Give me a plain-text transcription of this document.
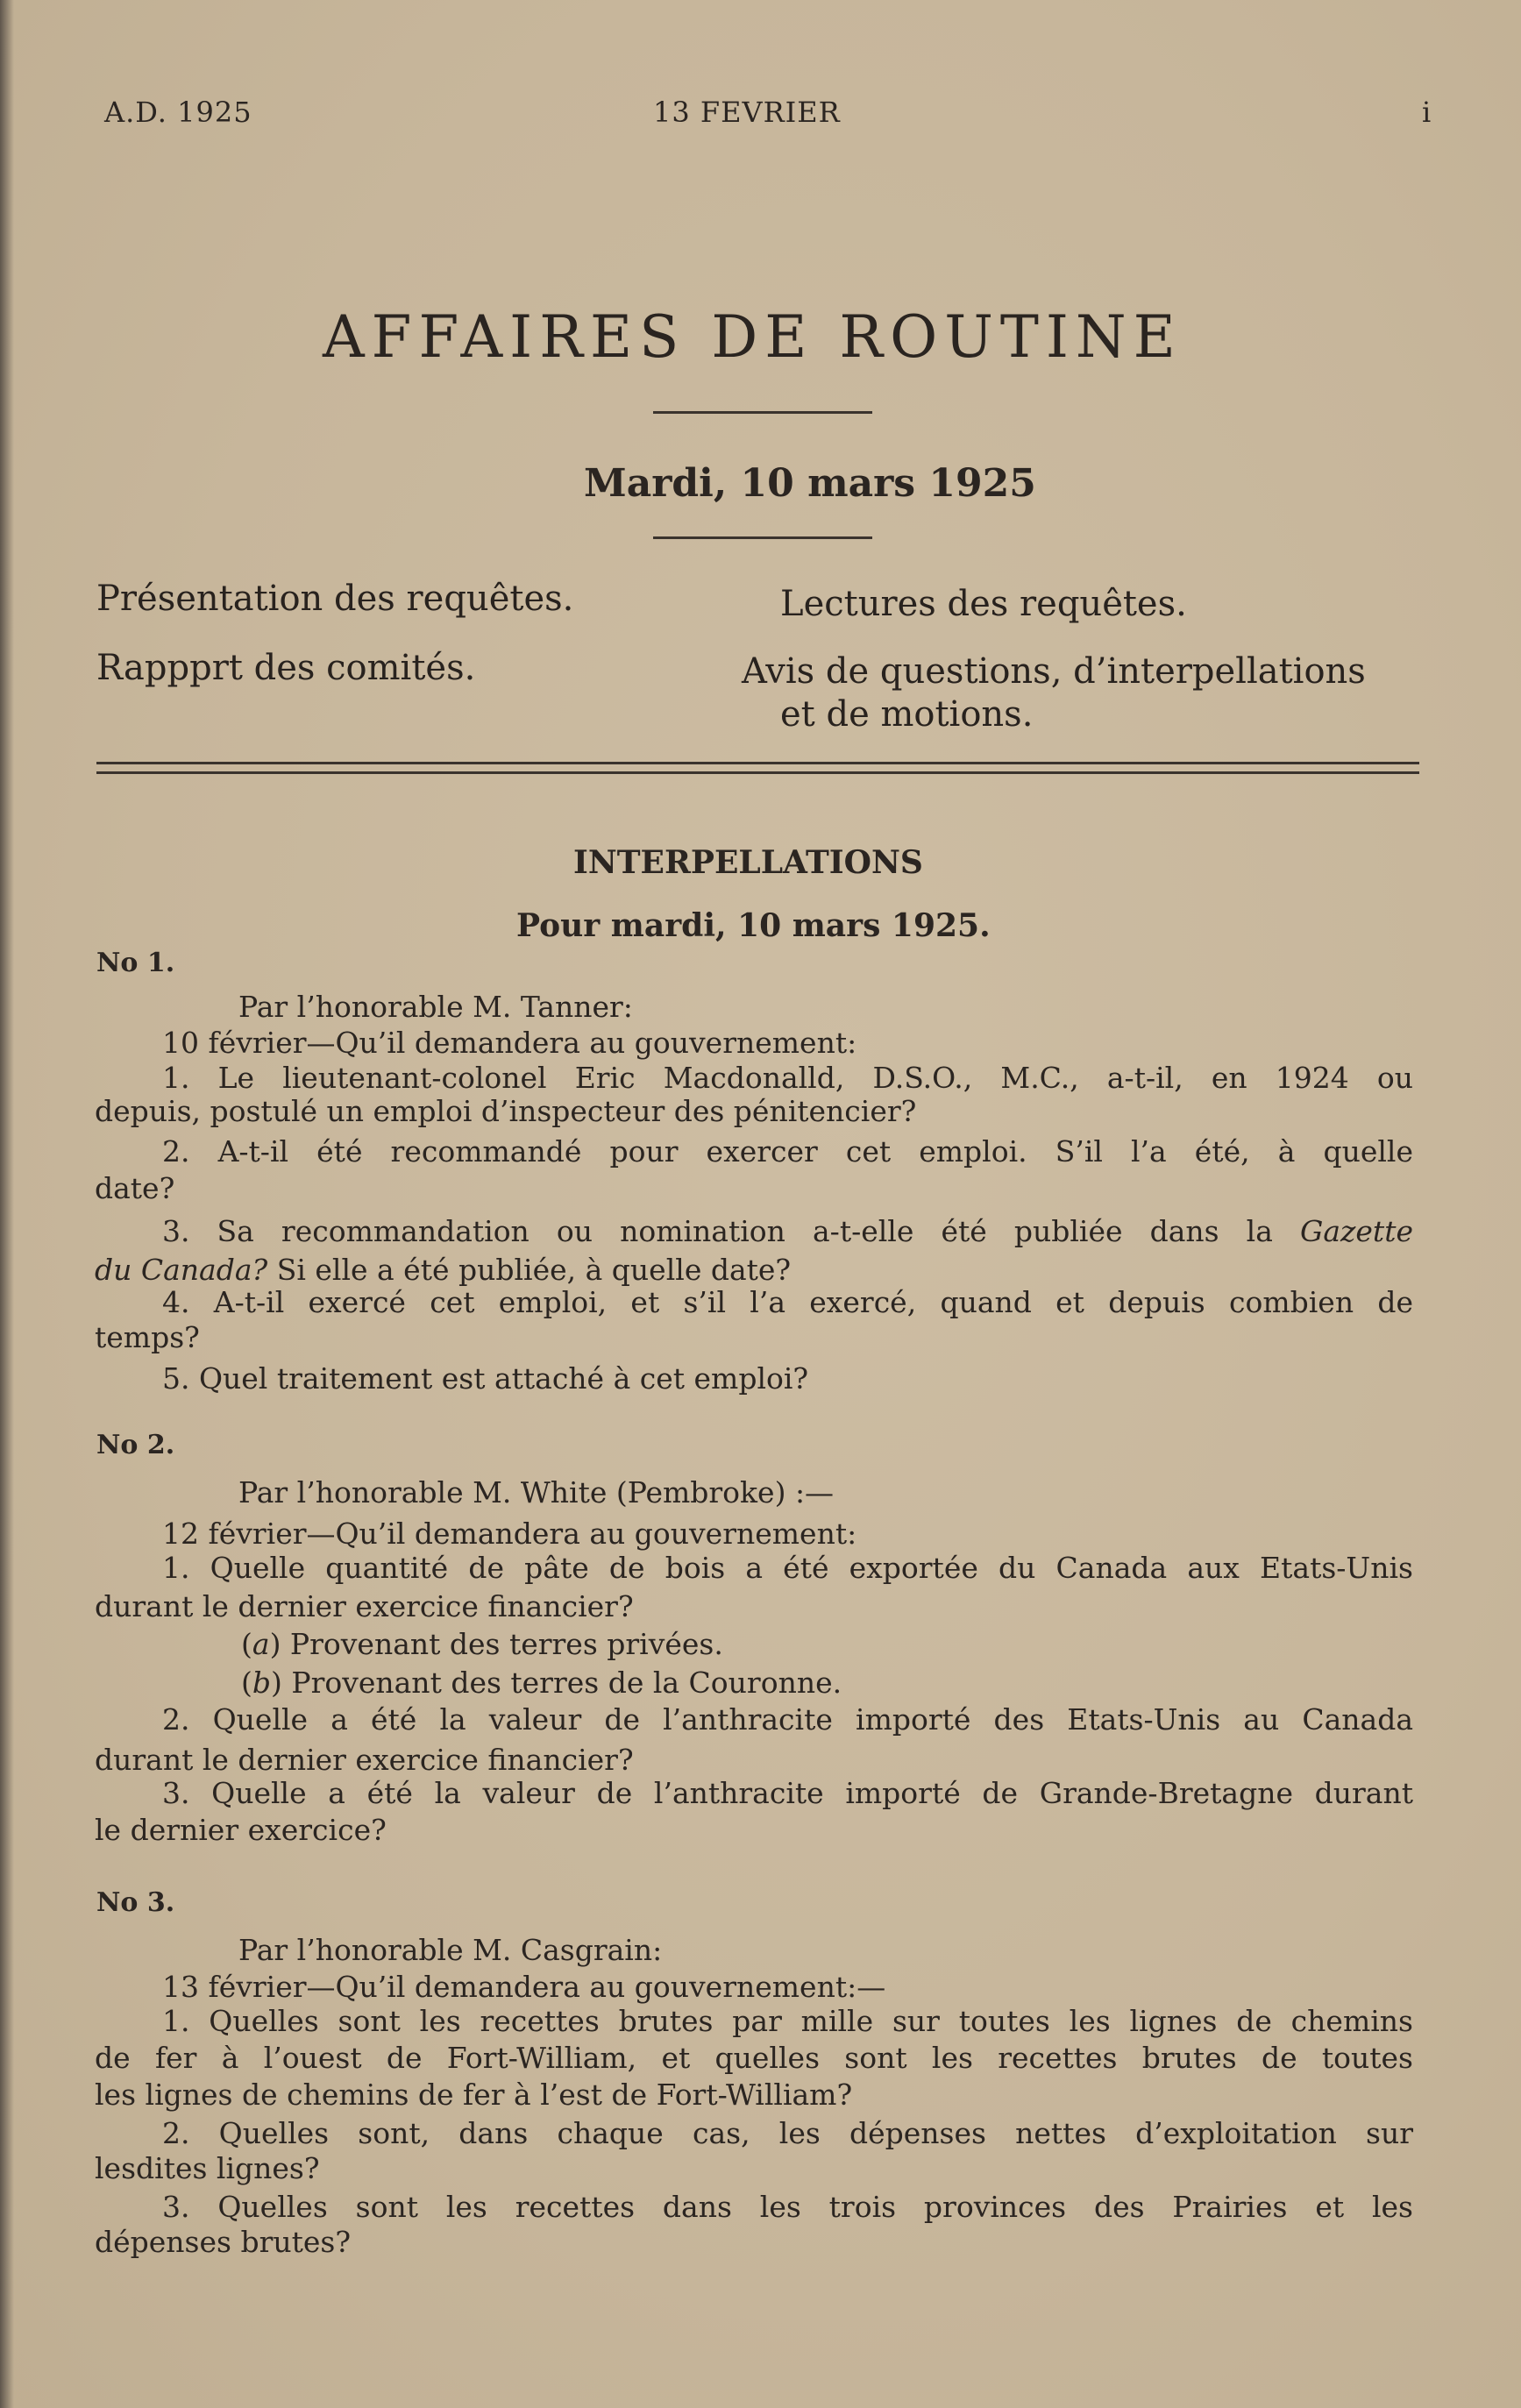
A.D. 1925	13 FEVRIER	i
AFFAIRES DE ROUTINE
Mardi, 10 mars 1925
Présentation des requêtes.
Rappprt des comités.
Lectures des requêtes.
Avis de questions, d’interpellations
et de motions.
INTERPELLATIONS
Pour mardi, 10 mars 1925.
No 1.
Par l’honorable M. Tanner:
10 février—Qu’il demandera au gouvernement:
1. Le lieutenant-colonel Eric Macdonalld, D.S.O., M.C., a-t-il, en 1924 ou
depuis, postulé un emploi d’inspecteur des pénitencier?
2. A-t-il été recommandé pour exercer cet emploi. S’il l’a été, à quelle
date?
3. Sa recommandation ou nomination a-t-elle été publiée dans la Gazette
du Canada? Si elle a été publiée, à quelle date?
4. A-t-il exercé cet emploi, et s’il l’a exercé, quand et depuis combien de
temps?
5. Quel traitement est attaché à cet emploi?
No 2.
Par l’honorable M. White (Pembroke) :—
12 février—Qu’il demandera au gouvernement:
1. Quelle quantité de pâte de bois a été exportée du Canada aux Etats-Unis
durant le dernier exercice financier?
(a) Provenant des terres privées.
(b) Provenant des terres de la Couronne.
2. Quelle a été la valeur de l’anthracite importé des Etats-Unis au Canada
durant le dernier exercice financier?
3. Quelle a été la valeur de l’anthracite importé de Grande-Bretagne durant
le dernier exercice?
No 3.
Par l’honorable M. Casgrain:
13 février—Qu’il demandera au gouvernement:—
1. Quelles sont les recettes brutes par mille sur toutes les lignes de chemins
de fer à l’ouest de Fort-William, et quelles sont les recettes brutes de toutes
les lignes de chemins de fer à l’est de Fort-William?
2. Quelles sont, dans chaque cas, les dépenses nettes d’exploitation sur
lesdites lignes?
3. Quelles sont les recettes dans les trois provinces des Prairies et les
dépenses brutes?
